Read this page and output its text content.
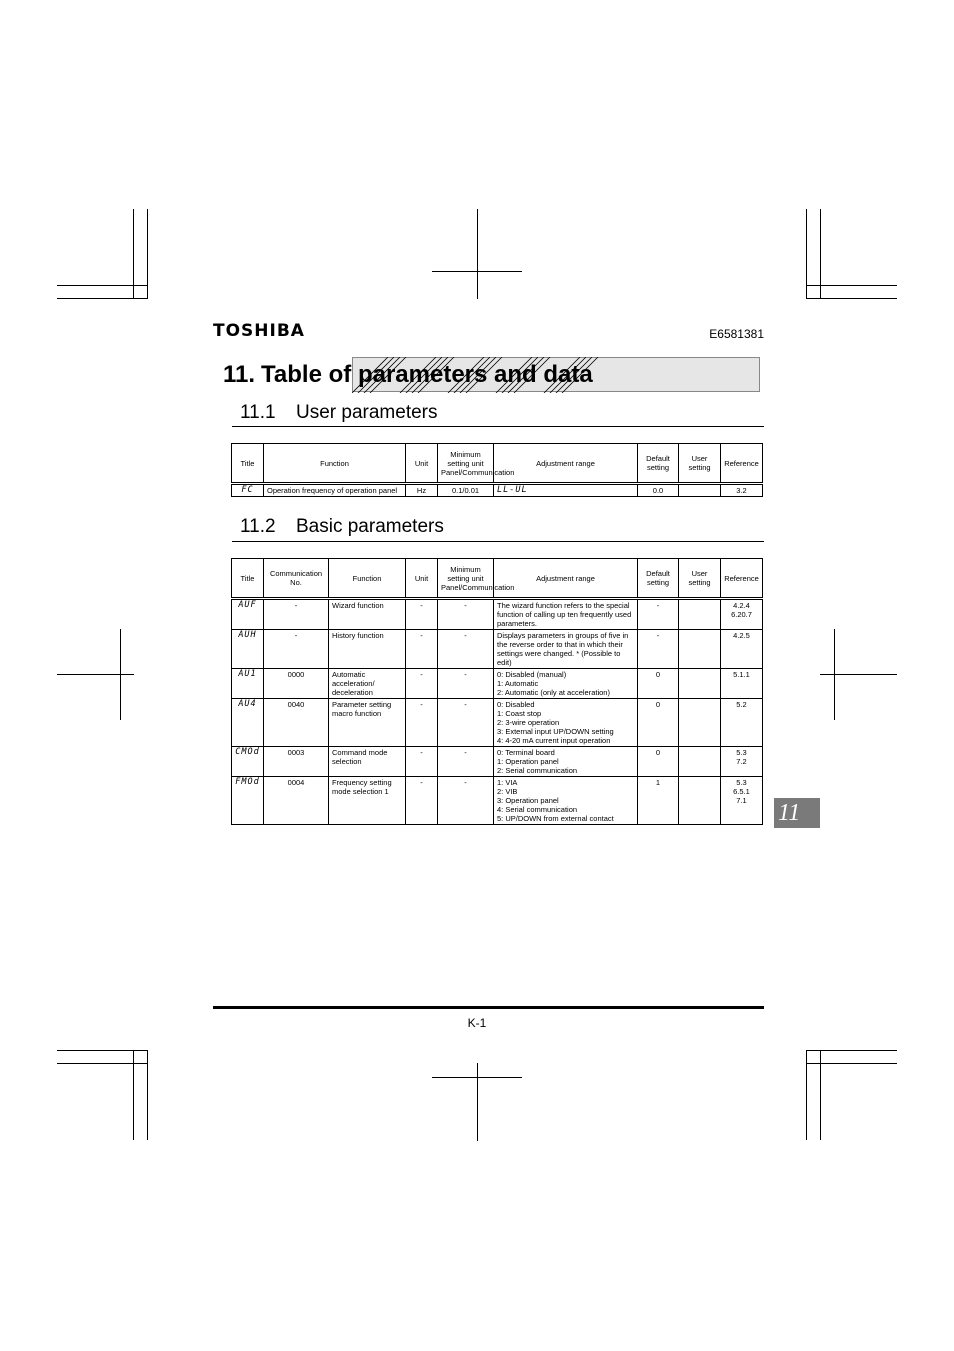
TOSHIBA	E6581381
11. Table of parameters and data
11.1 User parameters
Title	Function	Unit	Minimum setting unit Panel/Communication	Adjustment range	Default setting	User setting	Reference
FC	Operation frequency of operation panel	Hz	0.1/0.01	LL-UL	0.0		3.2
11.2 Basic parameters
Title	Communication No.	Function	Unit	Minimum setting unit Panel/Communication	Adjustment range	Default setting	User setting	Reference
AUF	-	Wizard function	-	-	The wizard function refers to the special function of calling up ten frequently used parameters.	-		4.2.4 6.20.7
AUH	-	History function	-	-	Displays parameters in groups of five in the reverse order to that in which their settings were changed. * (Possible to edit)	-		4.2.5
AU1	0000	Automatic acceleration/ deceleration	-	-	0: Disabled (manual)
1: Automatic
2: Automatic (only at acceleration)	0		5.1.1
AU4	0040	Parameter setting macro function	-	-	0: Disabled
1: Coast stop
2: 3-wire operation
3: External input UP/DOWN setting
4: 4-20 mA current input operation	0		5.2
CMOd	0003	Command mode selection	-	-	0: Terminal board
1: Operation panel
2: Serial communication	0		5.3
7.2
FMOd	0004	Frequency setting mode selection 1	-	-	1: VIA
2: VIB
3: Operation panel
4: Serial communication
5: UP/DOWN from external contact	1		5.3
6.5.1
7.1 11
K-1
